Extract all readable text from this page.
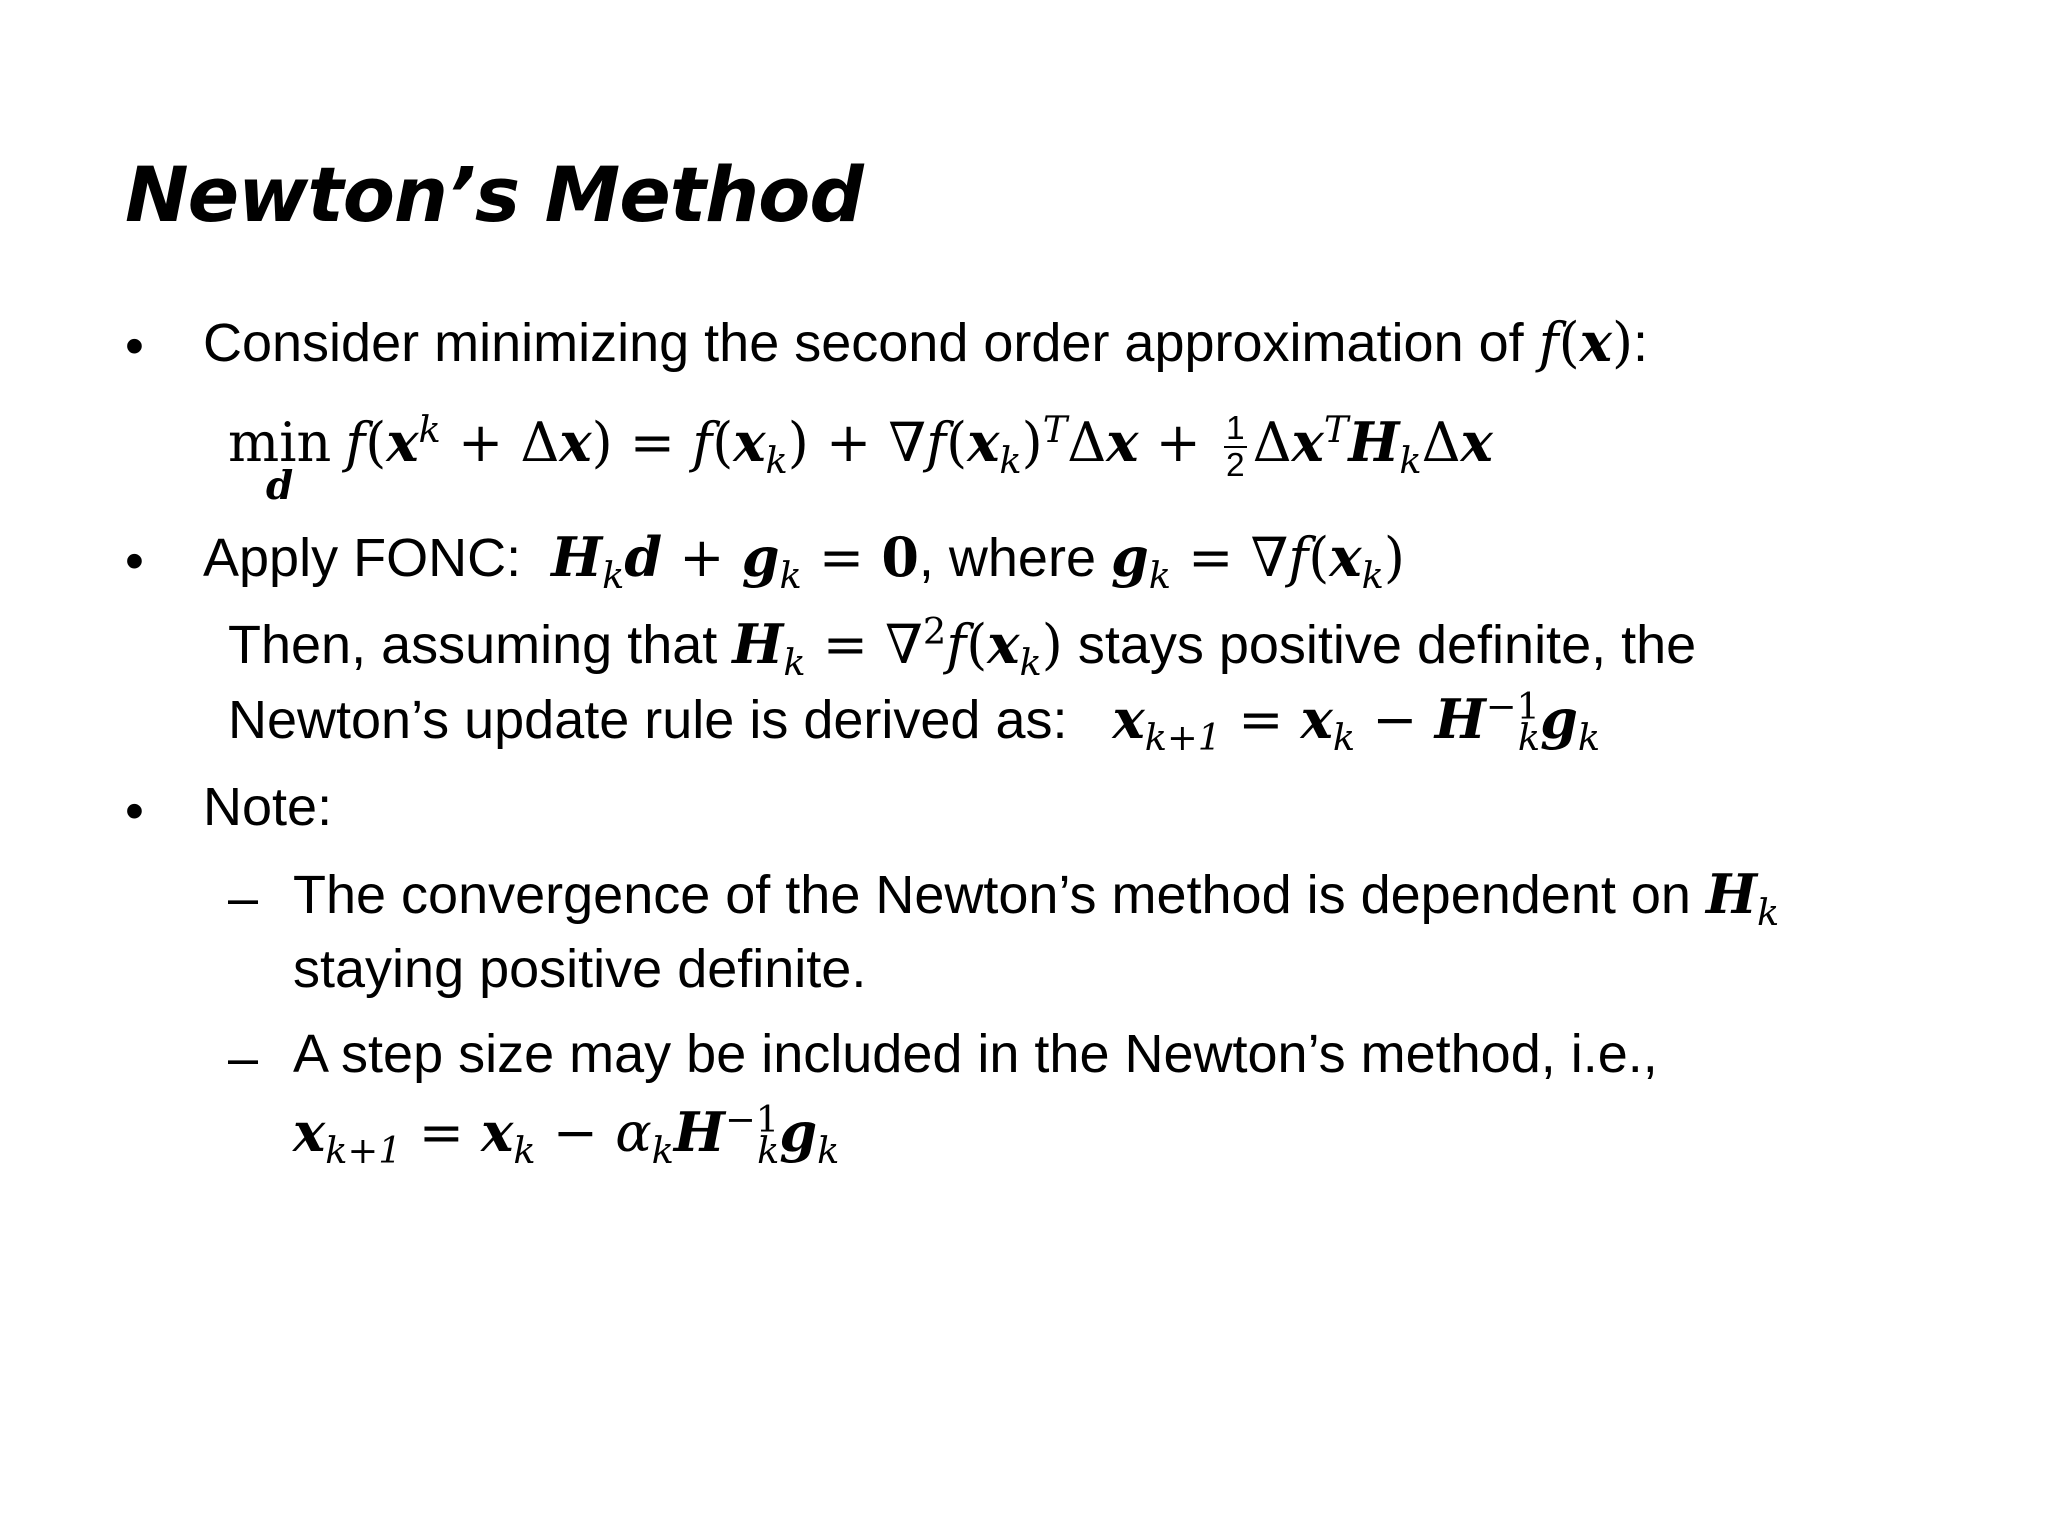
Newton’s Method
• Consider minimizing the second order approximation of f(x):
min
d
$f(x^k + \Delta x) = f(x_k) + \nabla f(x_k)^T\Delta x + \frac{1}{2} \Delta x^TH_k\Delta x$
• Apply FONC: $H_kd + g_k = 0$, where $g_k = \nabla f(x_k)$
Then, assuming that $H_k = \nabla^2f(x_k)$ stays positive definite, the
Newton’s update rule is derived as:   $x_{k+1} = x_k - H^{-1}_kg_k$
• Note:
– The convergence of the Newton’s method is dependent on $H_k$
staying positive definite.
– A step size may be included in the Newton’s method, i.e.,
$x_{k+1} = x_k - \alpha_kH^{-1}_kg_k$
